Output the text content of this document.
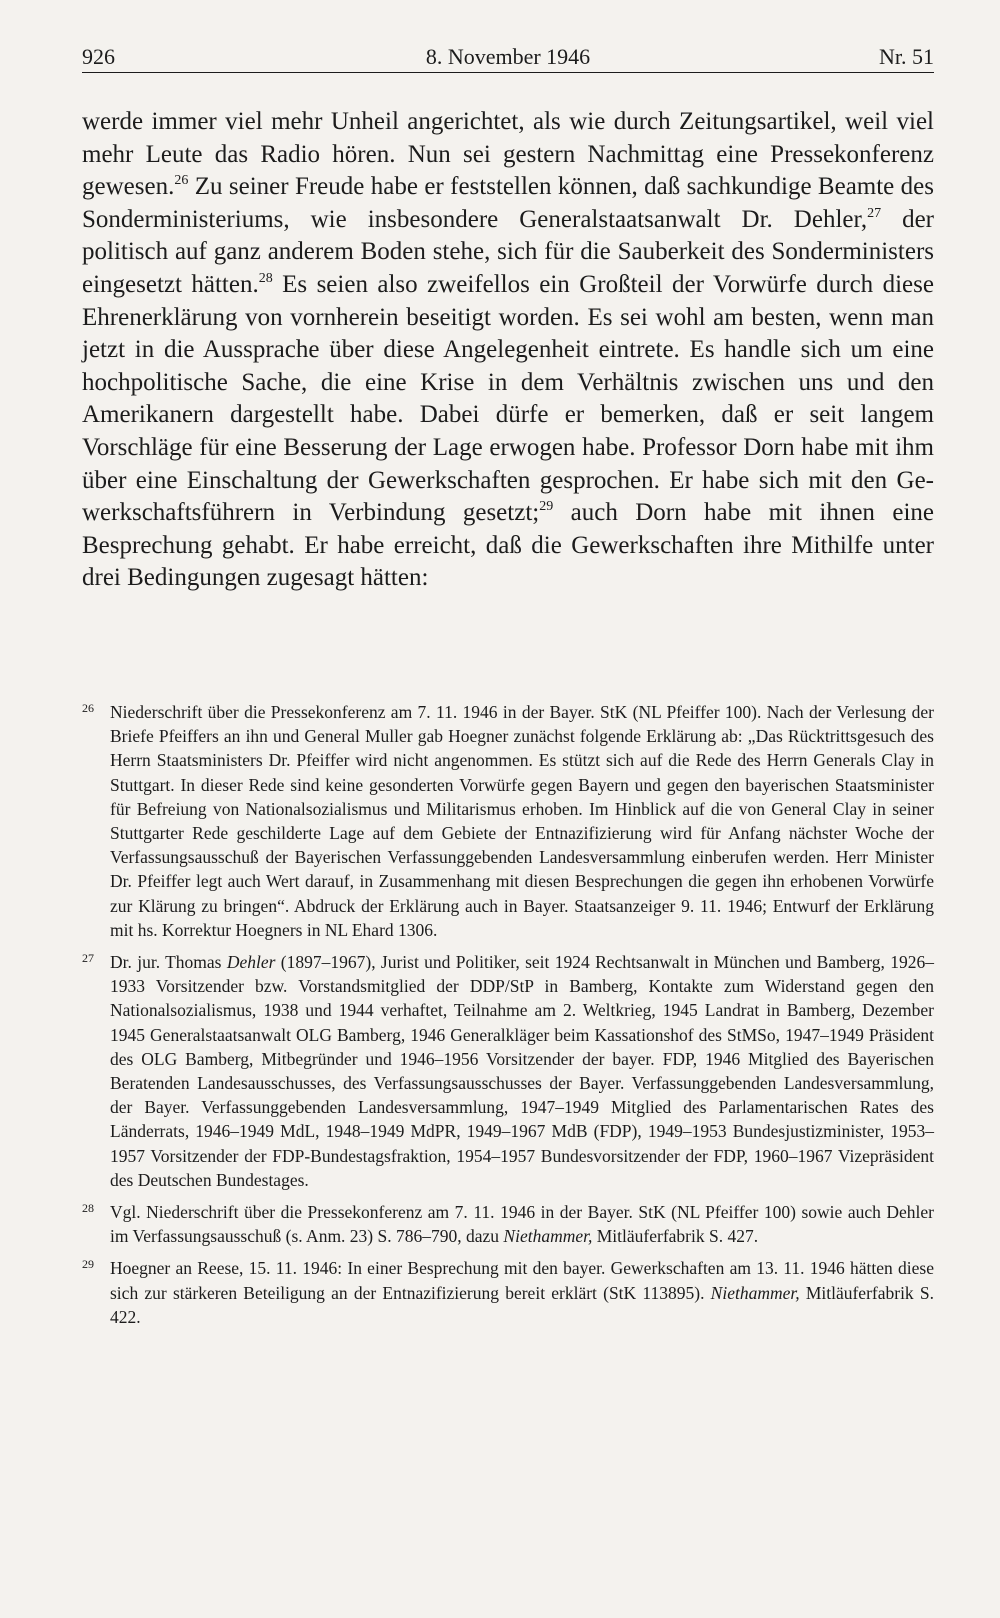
926	8. November 1946	Nr. 51

werde immer viel mehr Unheil angerichtet, als wie durch Zeitungsartikel, weil viel mehr Leute das Radio hören. Nun sei gestern Nachmittag eine Pressekonferenz gewesen.$^{26}$ Zu seiner Freude habe er feststellen können, daß sachkundige Beamte des Sonderministeriums, wie insbesondere Generalstaatsanwalt Dr. Dehler,$^{27}$ der politisch auf ganz anderem Boden stehe, sich für die Sauberkeit des Sonderministers eingesetzt hätten.$^{28}$ Es seien also zweifellos ein Großteil der Vorwürfe durch diese Ehrenerklärung von vornherein beseitigt worden. Es sei wohl am besten, wenn man jetzt in die Aussprache über diese Angelegenheit eintrete. Es handle sich um eine hochpolitische Sache, die eine Krise in dem Verhältnis zwischen uns und den Amerikanern dargestellt habe. Dabei dürfe er bemerken, daß er seit langem Vorschläge für eine Besserung der Lage erwogen habe. Professor Dorn habe mit ihm über eine Einschaltung der Gewerkschaften gesprochen. Er habe sich mit den Gewerkschaftsführern in Verbindung gesetzt;$^{29}$ auch Dorn habe mit ihnen eine Besprechung gehabt. Er habe erreicht, daß die Gewerkschaften ihre Mithilfe unter drei Bedingungen zugesagt hätten:

26 Niederschrift über die Pressekonferenz am 7. 11. 1946 in der Bayer. StK (NL Pfeiffer 100). Nach der Verlesung der Briefe Pfeiffers an ihn und General Muller gab Hoegner zunächst folgende Erklärung ab: „Das Rücktrittsgesuch des Herrn Staatsministers Dr. Pfeiffer wird nicht angenommen. Es stützt sich auf die Rede des Herrn Generals Clay in Stuttgart. In dieser Rede sind keine gesonderten Vorwürfe gegen Bayern und gegen den bayerischen Staatsminister für Befreiung von Nationalsozialismus und Militarismus erhoben. Im Hinblick auf die von General Clay in seiner Stuttgarter Rede geschilderte Lage auf dem Gebiete der Entnazifizierung wird für Anfang nächster Woche der Verfassungsausschuß der Bayerischen Verfassunggebenden Landesversammlung einberufen werden. Herr Minister Dr. Pfeiffer legt auch Wert darauf, in Zusammenhang mit diesen Besprechungen die gegen ihn erhobenen Vorwürfe zur Klärung zu bringen“. Abdruck der Erklärung auch in Bayer. Staatsanzeiger 9. 11. 1946; Entwurf der Erklärung mit hs. Korrektur Hoegners in NL Ehard 1306.
27 Dr. jur. Thomas Dehler (1897–1967), Jurist und Politiker, seit 1924 Rechtsanwalt in München und Bamberg, 1926–1933 Vorsitzender bzw. Vorstandsmitglied der DDP/StP in Bamberg, Kontakte zum Widerstand gegen den Nationalsozialismus, 1938 und 1944 verhaftet, Teilnahme am 2. Weltkrieg, 1945 Landrat in Bamberg, Dezember 1945 Generalstaatsanwalt OLG Bamberg, 1946 Generalkläger beim Kassationshof des StMSo, 1947–1949 Präsident des OLG Bamberg, Mitbegründer und 1946–1956 Vorsitzender der bayer. FDP, 1946 Mitglied des Bayerischen Beratenden Landesausschusses, des Verfassungsausschusses der Bayer. Verfassunggebenden Landesversammlung, der Bayer. Verfassunggebenden Landesversammlung, 1947–1949 Mitglied des Parlamentarischen Rates des Länderrats, 1946–1949 MdL, 1948–1949 MdPR, 1949–1967 MdB (FDP), 1949–1953 Bundesjustizminister, 1953–1957 Vorsitzender der FDP-Bundestagsfraktion, 1954–1957 Bundesvorsitzender der FDP, 1960–1967 Vizepräsident des Deutschen Bundestages.
28 Vgl. Niederschrift über die Pressekonferenz am 7. 11. 1946 in der Bayer. StK (NL Pfeiffer 100) sowie auch Dehler im Verfassungsausschuß (s. Anm. 23) S. 786–790, dazu Niethammer, Mitläuferfabrik S. 427.
29 Hoegner an Reese, 15. 11. 1946: In einer Besprechung mit den bayer. Gewerkschaften am 13. 11. 1946 hätten diese sich zur stärkeren Beteiligung an der Entnazifizierung bereit erklärt (StK 113895). Niethammer, Mitläuferfabrik S. 422.
